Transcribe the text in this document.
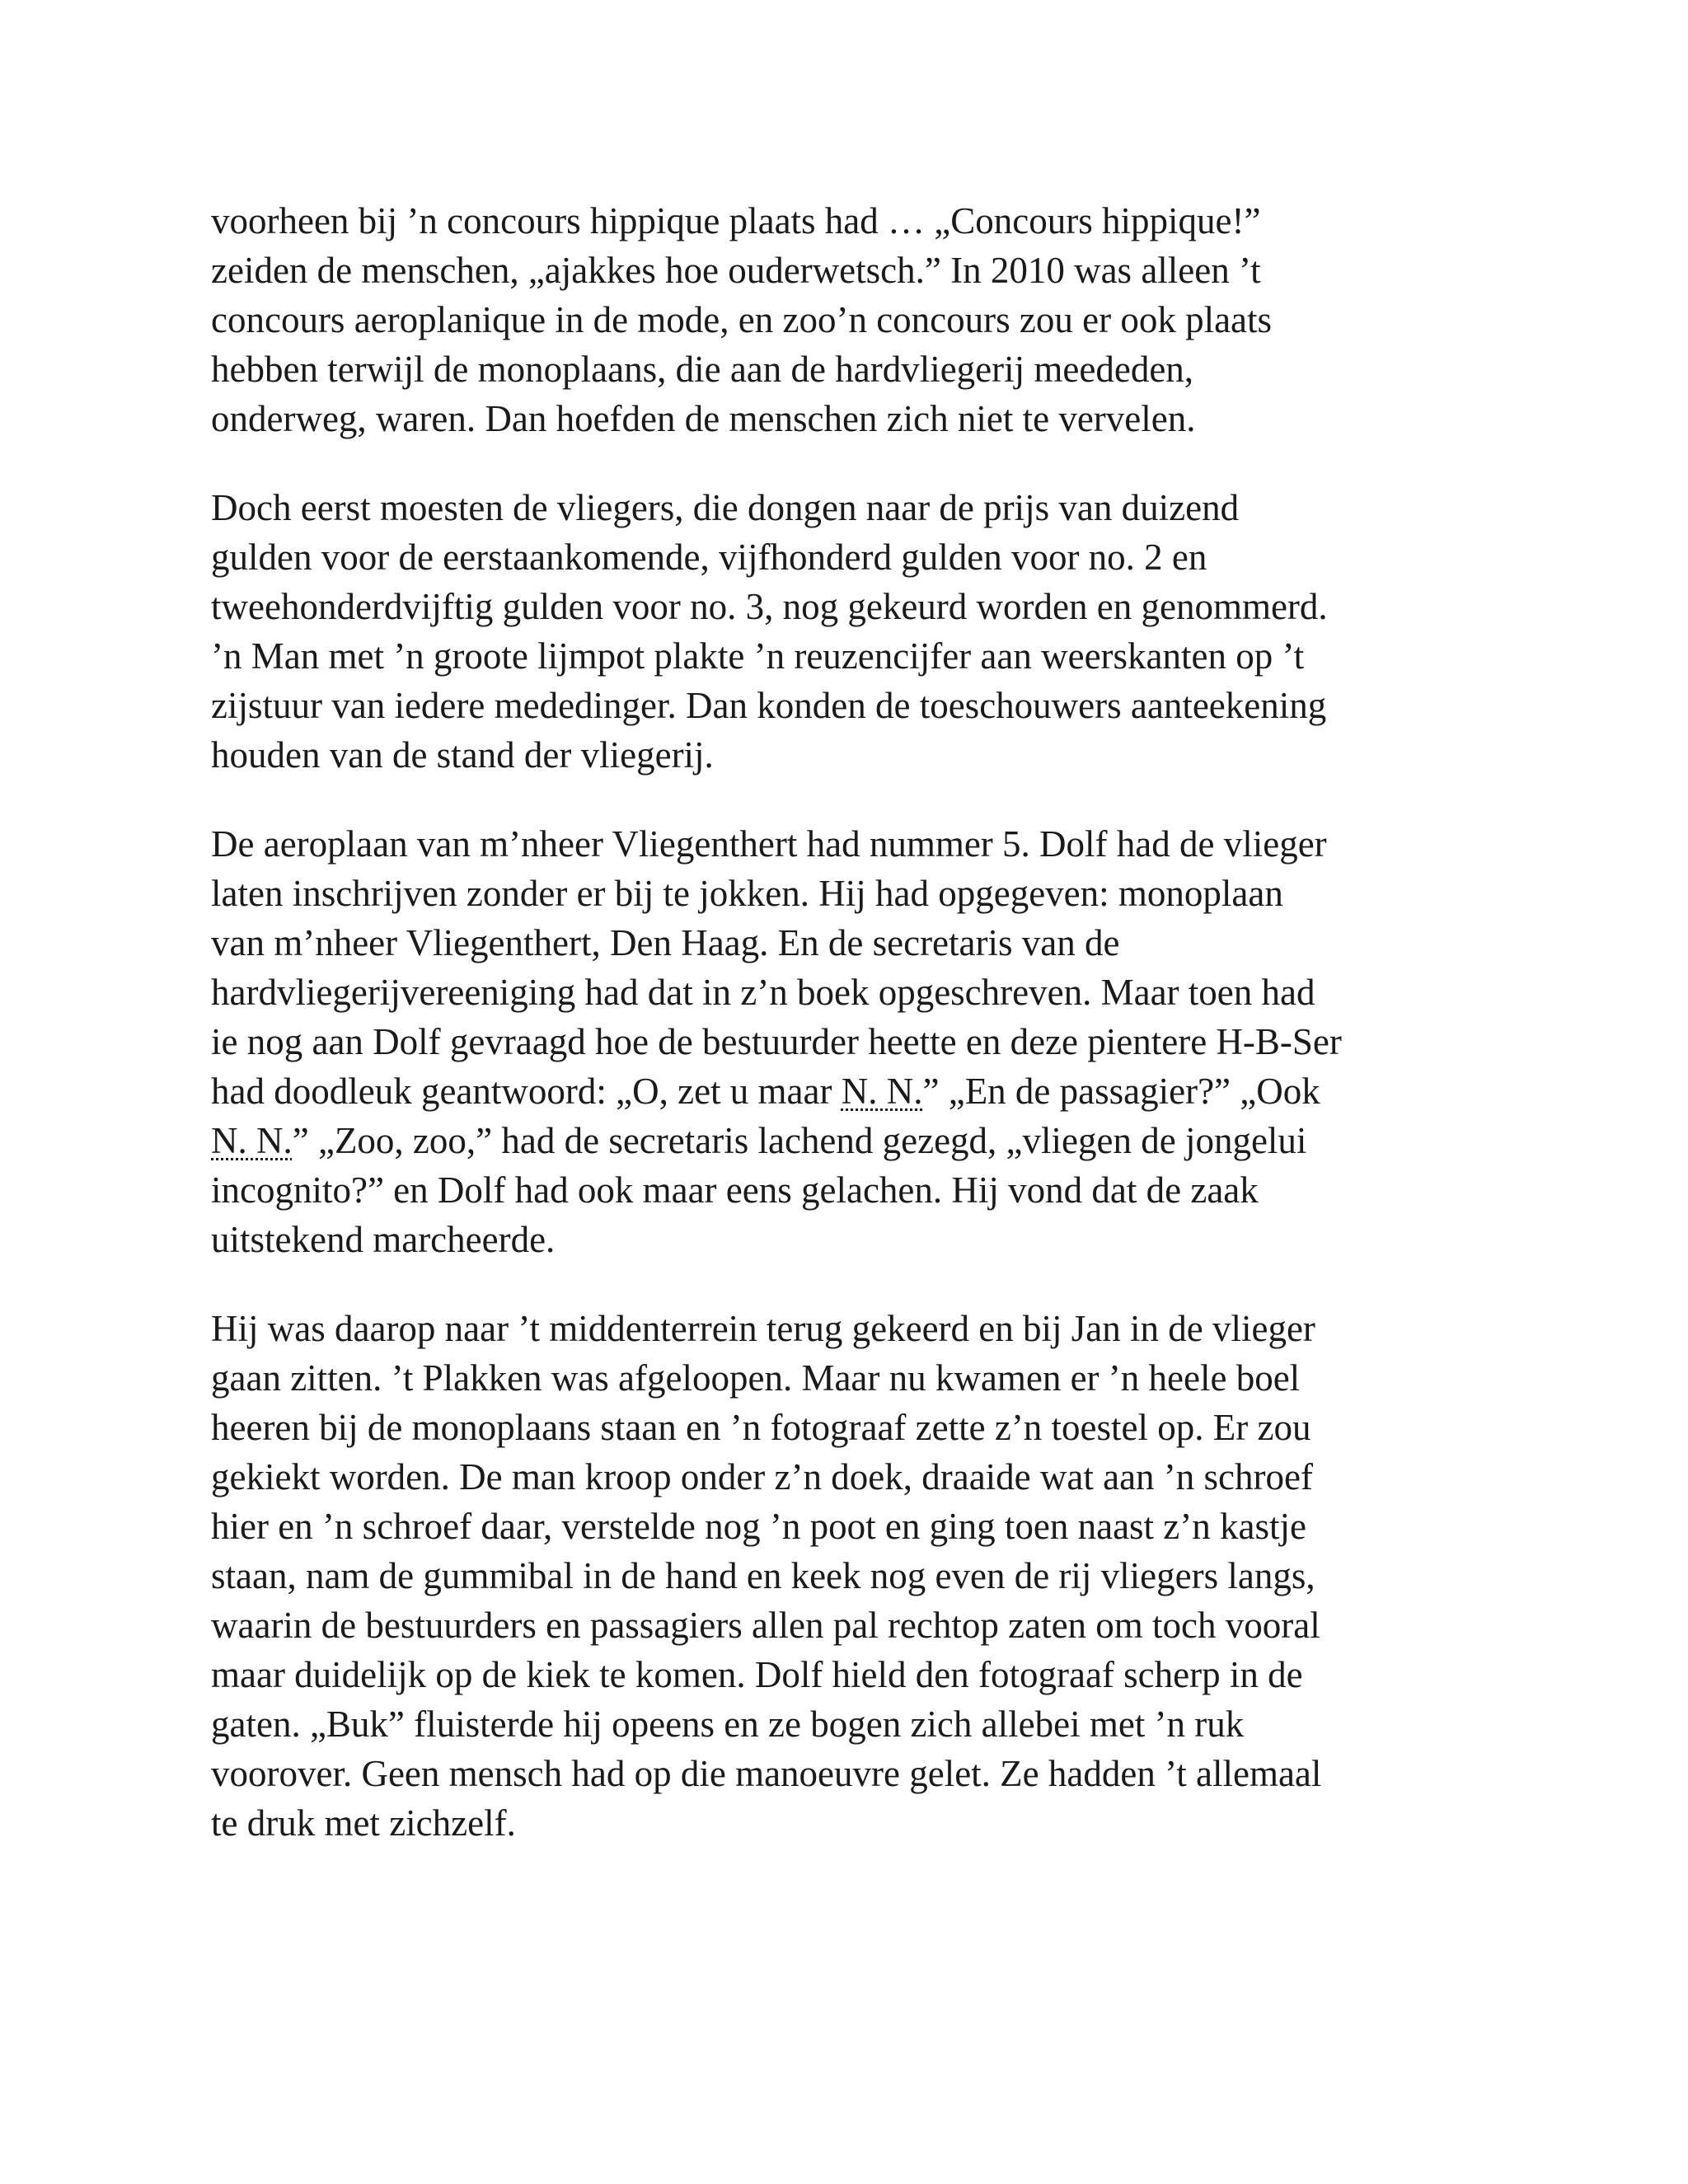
voorheen bij ’n concours hippique plaats had … „Concours hippique!”
zeiden de menschen, „ajakkes hoe ouderwetsch.” In 2010 was alleen ’t
concours aeroplanique in de mode, en zoo’n concours zou er ook plaats
hebben terwijl de monoplaans, die aan de hardvliegerij meededen,
onderweg, waren. Dan hoefden de menschen zich niet te vervelen.

Doch eerst moesten de vliegers, die dongen naar de prijs van duizend
gulden voor de eerstaankomende, vijfhonderd gulden voor no. 2 en
tweehonderdvijftig gulden voor no. 3, nog gekeurd worden en genommerd.
’n Man met ’n groote lijmpot plakte ’n reuzencijfer aan weerskanten op ’t
zijstuur van iedere mededinger. Dan konden de toeschouwers aanteekening
houden van de stand der vliegerij.

De aeroplaan van m’nheer Vliegenthert had nummer 5. Dolf had de vlieger
laten inschrijven zonder er bij te jokken. Hij had opgegeven: monoplaan
van m’nheer Vliegenthert, Den Haag. En de secretaris van de
hardvliegerijvereeniging had dat in z’n boek opgeschreven. Maar toen had
ie nog aan Dolf gevraagd hoe de bestuurder heette en deze pientere H-B-Ser
had doodleuk geantwoord: „O, zet u maar N. N.” „En de passagier?” „Ook
N. N.” „Zoo, zoo,” had de secretaris lachend gezegd, „vliegen de jongelui
incognito?” en Dolf had ook maar eens gelachen. Hij vond dat de zaak
uitstekend marcheerde.

Hij was daarop naar ’t middenterrein terug gekeerd en bij Jan in de vlieger
gaan zitten. ’t Plakken was afgeloopen. Maar nu kwamen er ’n heele boel
heeren bij de monoplaans staan en ’n fotograaf zette z’n toestel op. Er zou
gekiekt worden. De man kroop onder z’n doek, draaide wat aan ’n schroef
hier en ’n schroef daar, verstelde nog ’n poot en ging toen naast z’n kastje
staan, nam de gummibal in de hand en keek nog even de rij vliegers langs,
waarin de bestuurders en passagiers allen pal rechtop zaten om toch vooral
maar duidelijk op de kiek te komen. Dolf hield den fotograaf scherp in de
gaten. „Buk” fluisterde hij opeens en ze bogen zich allebei met ’n ruk
voorover. Geen mensch had op die manoeuvre gelet. Ze hadden ’t allemaal
te druk met zichzelf.
